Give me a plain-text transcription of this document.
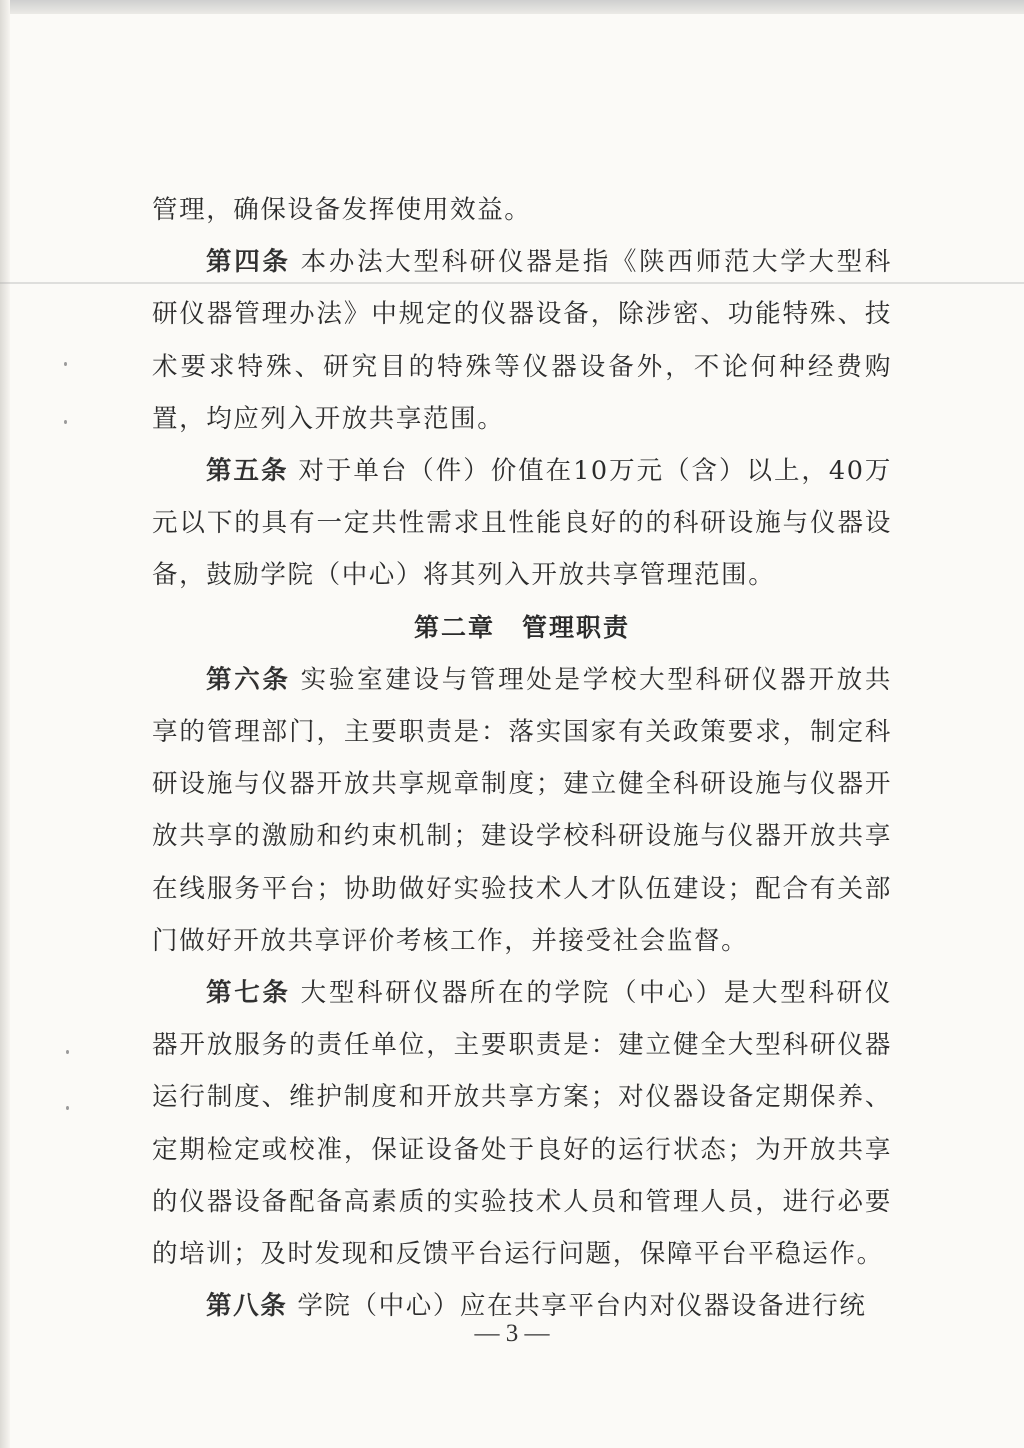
管理，确保设备发挥使用效益。

第四条 本办法大型科研仪器是指《陕西师范大学大型科研仪器管理办法》中规定的仪器设备，除涉密、功能特殊、技术要求特殊、研究目的特殊等仪器设备外，不论何种经费购置，均应列入开放共享范围。

第五条 对于单台（件）价值在10万元（含）以上，40万元以下的具有一定共性需求且性能良好的的科研设施与仪器设备，鼓励学院（中心）将其列入开放共享管理范围。

第二章　管理职责

第六条 实验室建设与管理处是学校大型科研仪器开放共享的管理部门，主要职责是：落实国家有关政策要求，制定科研设施与仪器开放共享规章制度；建立健全科研设施与仪器开放共享的激励和约束机制；建设学校科研设施与仪器开放共享在线服务平台；协助做好实验技术人才队伍建设；配合有关部门做好开放共享评价考核工作，并接受社会监督。

第七条 大型科研仪器所在的学院（中心）是大型科研仪器开放服务的责任单位，主要职责是：建立健全大型科研仪器运行制度、维护制度和开放共享方案；对仪器设备定期保养、定期检定或校准，保证设备处于良好的运行状态；为开放共享的仪器设备配备高素质的实验技术人员和管理人员，进行必要的培训；及时发现和反馈平台运行问题，保障平台平稳运作。

第八条 学院（中心）应在共享平台内对仪器设备进行统

— 3 —
